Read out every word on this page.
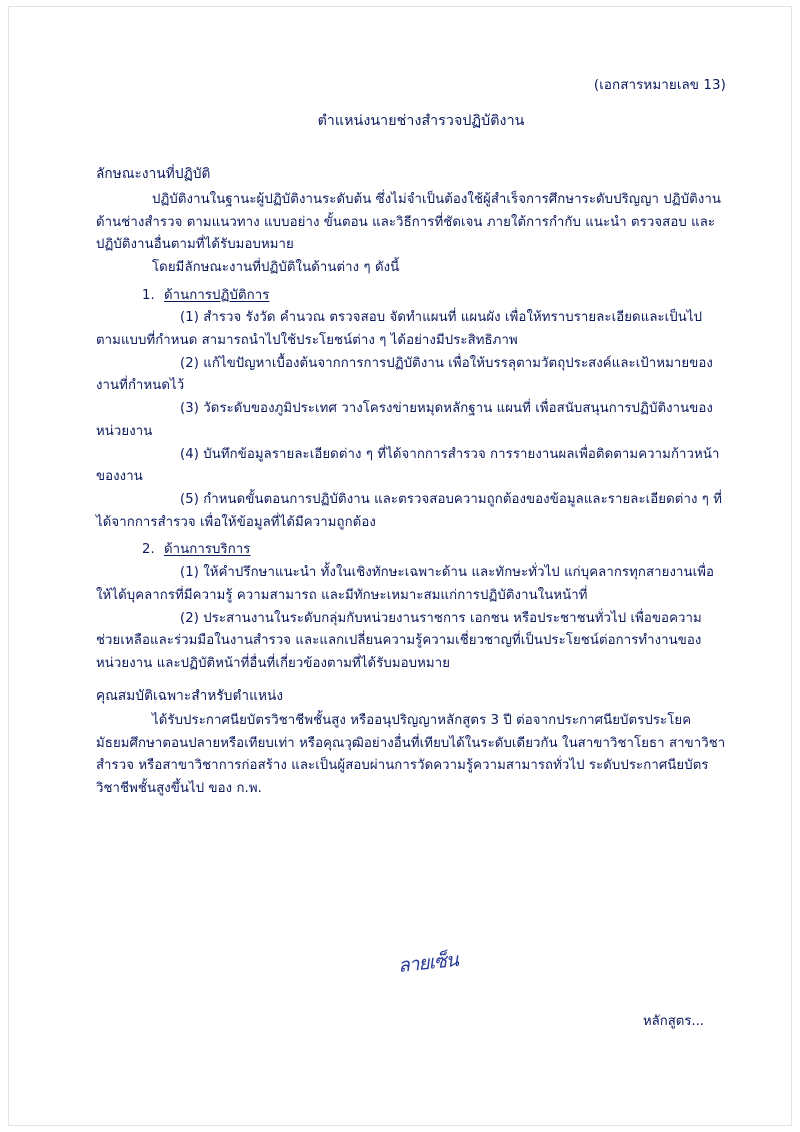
(เอกสารหมายเลข 13)
ตำแหน่งนายช่างสำรวจปฏิบัติงาน
ลักษณะงานที่ปฏิบัติ

ปฏิบัติงานในฐานะผู้ปฏิบัติงานระดับต้น ซึ่งไม่จำเป็นต้องใช้ผู้สำเร็จการศึกษาระดับปริญญา ปฏิบัติงานด้านช่างสำรวจ ตามแนวทาง แบบอย่าง ขั้นตอน และวิธีการที่ชัดเจน ภายใต้การกำกับ แนะนำ ตรวจสอบ และปฏิบัติงานอื่นตามที่ได้รับมอบหมาย

โดยมีลักษณะงานที่ปฏิบัติในด้านต่าง ๆ ดังนี้

1. ด้านการปฏิบัติการ

(1) สำรวจ รังวัด คำนวณ ตรวจสอบ จัดทำแผนที่ แผนผัง เพื่อให้ทราบรายละเอียดและเป็นไปตามแบบที่กำหนด สามารถนำไปใช้ประโยชน์ต่าง ๆ ได้อย่างมีประสิทธิภาพ

(2) แก้ไขปัญหาเบื้องต้นจากการการปฏิบัติงาน เพื่อให้บรรลุตามวัตถุประสงค์และเป้าหมายของงานที่กำหนดไว้

(3) วัดระดับของภูมิประเทศ วางโครงข่ายหมุดหลักฐาน แผนที่ เพื่อสนับสนุนการปฏิบัติงานของหน่วยงาน

(4) บันทึกข้อมูลรายละเอียดต่าง ๆ ที่ได้จากการสำรวจ การรายงานผลเพื่อติดตามความก้าวหน้าของงาน

(5) กำหนดขั้นตอนการปฏิบัติงาน และตรวจสอบความถูกต้องของข้อมูลและรายละเอียดต่าง ๆ ที่ได้จากการสำรวจ เพื่อให้ข้อมูลที่ได้มีความถูกต้อง

2. ด้านการบริการ

(1) ให้คำปรึกษาแนะนำ ทั้งในเชิงทักษะเฉพาะด้าน และทักษะทั่วไป แก่บุคลากรทุกสายงานเพื่อให้ได้บุคลากรที่มีความรู้ ความสามารถ และมีทักษะเหมาะสมแก่การปฏิบัติงานในหน้าที่

(2) ประสานงานในระดับกลุ่มกับหน่วยงานราชการ เอกชน หรือประชาชนทั่วไป เพื่อขอความช่วยเหลือและร่วมมือในงานสำรวจ และแลกเปลี่ยนความรู้ความเชี่ยวชาญที่เป็นประโยชน์ต่อการทำงานของหน่วยงาน และปฏิบัติหน้าที่อื่นที่เกี่ยวข้องตามที่ได้รับมอบหมาย

คุณสมบัติเฉพาะสำหรับตำแหน่ง

ได้รับประกาศนียบัตรวิชาชีพชั้นสูง หรืออนุปริญญาหลักสูตร 3 ปี ต่อจากประกาศนียบัตรประโยคมัธยมศึกษาตอนปลายหรือเทียบเท่า หรือคุณวุฒิอย่างอื่นที่เทียบได้ในระดับเดียวกัน ในสาขาวิชาโยธา สาขาวิชาสำรวจ หรือสาขาวิชาการก่อสร้าง และเป็นผู้สอบผ่านการวัดความรู้ความสามารถทั่วไป ระดับประกาศนียบัตรวิชาชีพชั้นสูงขึ้นไป ของ ก.พ.

ลายเซ็น
หลักสูตร...
